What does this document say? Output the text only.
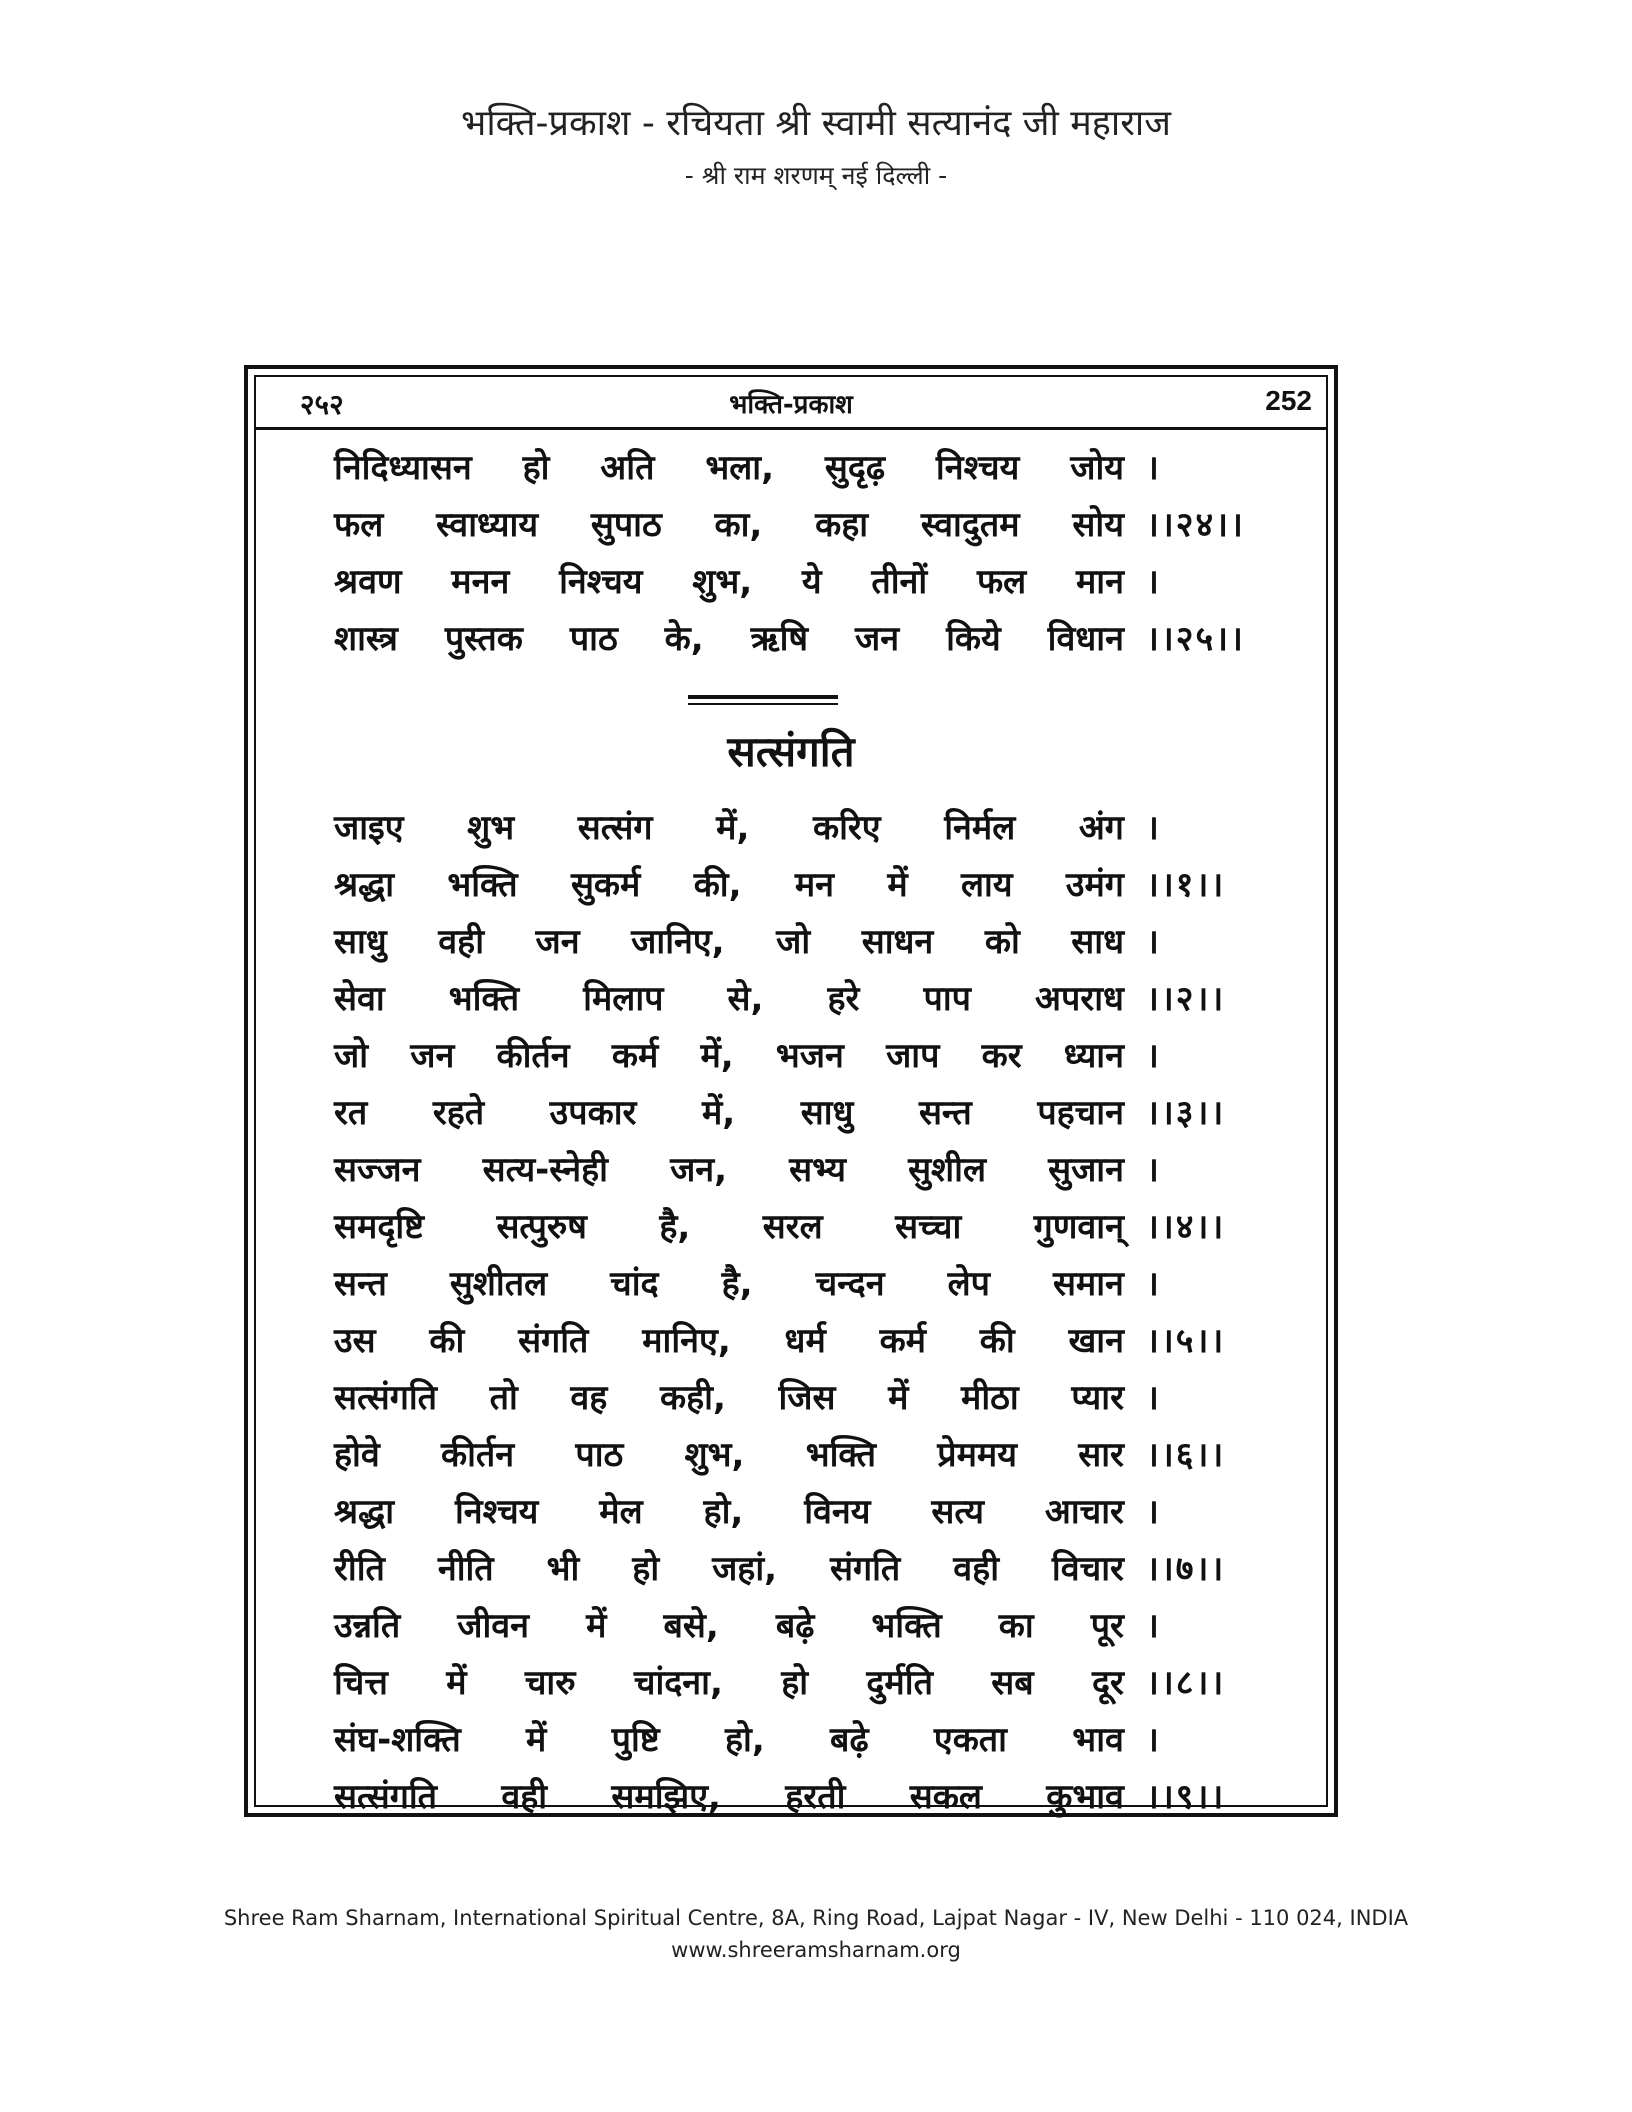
भक्ति-प्रकाश - रचियता श्री स्वामी सत्यानंद जी महाराज
- श्री राम शरणम् नई दिल्ली -
२५२	भक्ति-प्रकाश	252
निदिध्यासन हो अति भला, सुदृढ़ निश्चय जोय ।
फल स्वाध्याय सुपाठ का, कहा स्वादुतम सोय ।।२४।।
श्रवण मनन निश्चय शुभ, ये तीनों फल मान ।
शास्त्र पुस्तक पाठ के, ऋषि जन किये विधान ।।२५।।
सत्संगति
जाइए शुभ सत्संग में, करिए निर्मल अंग ।
श्रद्धा भक्ति सुकर्म की, मन में लाय उमंग ।।१।।
साधु वही जन जानिए, जो साधन को साध ।
सेवा भक्ति मिलाप से, हरे पाप अपराध ।।२।।
जो जन कीर्तन कर्म में, भजन जाप कर ध्यान ।
रत रहते उपकार में, साधु सन्त पहचान ।।३।।
सज्जन सत्य-स्नेही जन, सभ्य सुशील सुजान ।
समदृष्टि सत्पुरुष है, सरल सच्चा गुणवान् ।।४।।
सन्त सुशीतल चांद है, चन्दन लेप समान ।
उस की संगति मानिए, धर्म कर्म की खान ।।५।।
सत्संगति तो वह कही, जिस में मीठा प्यार ।
होवे कीर्तन पाठ शुभ, भक्ति प्रेममय सार ।।६।।
श्रद्धा निश्चय मेल हो, विनय सत्य आचार ।
रीति नीति भी हो जहां, संगति वही विचार ।।७।।
उन्नति जीवन में बसे, बढ़े भक्ति का पूर ।
चित्त में चारु चांदना, हो दुर्मति सब दूर ।।८।।
संघ-शक्ति में पुष्टि हो, बढ़े एकता भाव ।
सत्संगति वही समझिए, हरती सकल कुभाव ।।९।।
Shree Ram Sharnam, International Spiritual Centre, 8A, Ring Road, Lajpat Nagar - IV, New Delhi - 110 024, INDIA
www.shreeramsharnam.org
